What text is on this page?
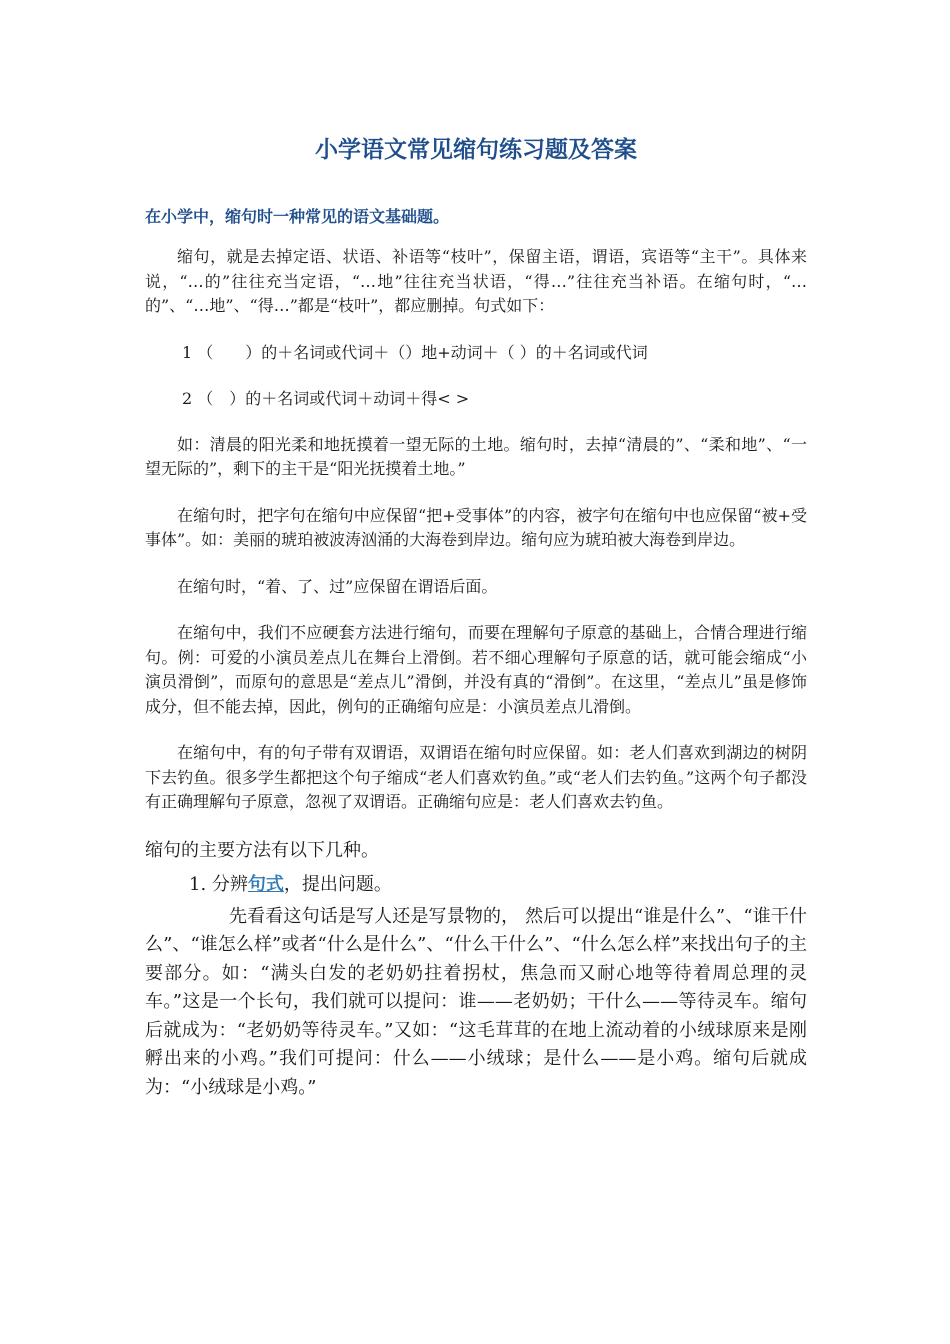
小学语文常见缩句练习题及答案
在小学中，缩句时一种常见的语文基础题。

缩句，就是去掉定语、状语、补语等“枝叶”，保留主语，谓语，宾语等“主干”。具体来说，“…的”往往充当定语，“…地”往往充当状语，“得…”往往充当补语。在缩句时，“…的”、“…地”、“得…”都是“枝叶”，都应删掉。句式如下：

1 （　　）的＋名词或代词＋（）地+动词＋（ ）的＋名词或代词
2 （　）的＋名词或代词＋动词＋得< >

如：清晨的阳光柔和地抚摸着一望无际的土地。缩句时，去掉“清晨的”、“柔和地”、“一望无际的”，剩下的主干是“阳光抚摸着土地。”

在缩句时，把字句在缩句中应保留“把+受事体”的内容，被字句在缩句中也应保留“被+受事体”。如：美丽的琥珀被波涛汹涌的大海卷到岸边。缩句应为琥珀被大海卷到岸边。

在缩句时，“着、了、过”应保留在谓语后面。

在缩句中，我们不应硬套方法进行缩句，而要在理解句子原意的基础上，合情合理进行缩句。例：可爱的小演员差点儿在舞台上滑倒。若不细心理解句子原意的话，就可能会缩成“小演员滑倒”，而原句的意思是“差点儿”滑倒，并没有真的“滑倒”。在这里，“差点儿”虽是修饰成分，但不能去掉，因此，例句的正确缩句应是：小演员差点儿滑倒。

在缩句中，有的句子带有双谓语，双谓语在缩句时应保留。如：老人们喜欢到湖边的树阴下去钓鱼。很多学生都把这个句子缩成“老人们喜欢钓鱼。”或“老人们去钓鱼。”这两个句子都没有正确理解句子原意，忽视了双谓语。正确缩句应是：老人们喜欢去钓鱼。

缩句的主要方法有以下几种。
1. 分辨句式，提出问题。

先看看这句话是写人还是写景物的， 然后可以提出“谁是什么”、“谁干什么”、“谁怎么样”或者“什么是什么”、“什么干什么”、“什么怎么样”来找出句子的主要部分。如：“满头白发的老奶奶拄着拐杖，焦急而又耐心地等待着周总理的灵车。”这是一个长句，我们就可以提问：谁——老奶奶；干什么——等待灵车。缩句后就成为：“老奶奶等待灵车。”又如：“这毛茸茸的在地上流动着的小绒球原来是刚孵出来的小鸡。”我们可提问：什么——小绒球；是什么——是小鸡。缩句后就成为：“小绒球是小鸡。”
